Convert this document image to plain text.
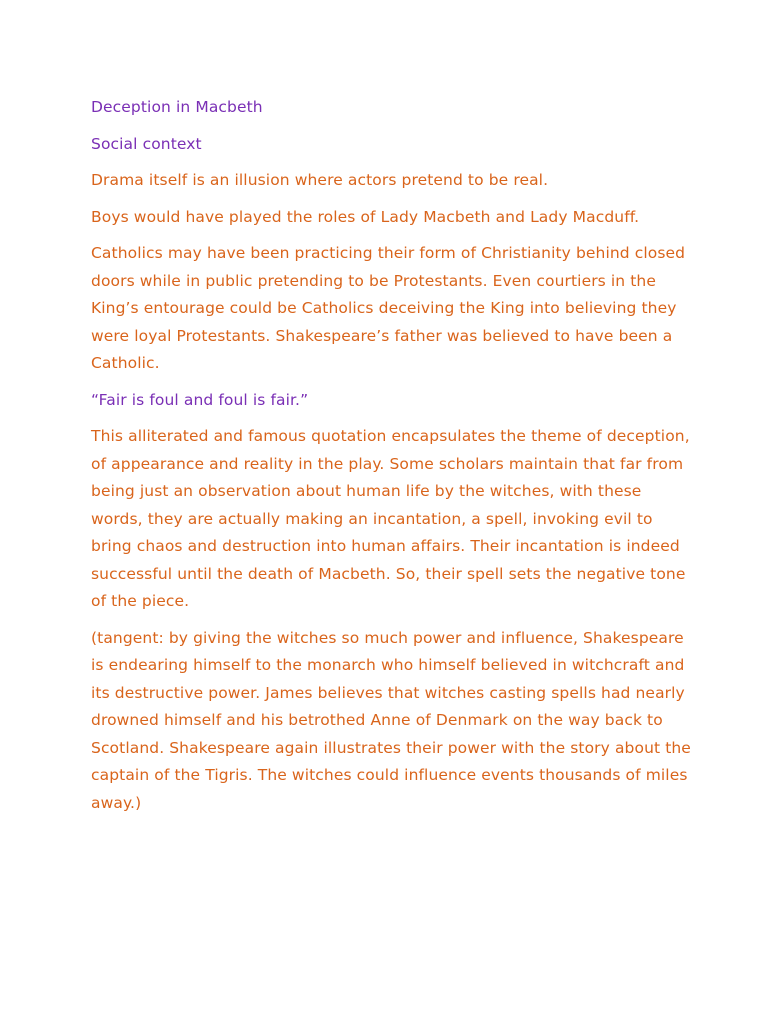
Deception in Macbeth

Social context

Drama itself is an illusion where actors pretend to be real.

Boys would have played the roles of Lady Macbeth and Lady Macduff.

Catholics may have been practicing their form of Christianity behind closed doors while in public pretending to be Protestants. Even courtiers in the King’s entourage could be Catholics deceiving the King into believing they were loyal Protestants. Shakespeare’s father was believed to have been a Catholic.

“Fair is foul and foul is fair.”

This alliterated and famous quotation encapsulates the theme of deception, of appearance and reality in the play. Some scholars maintain that far from being just an observation about human life by the witches, with these words, they are actually making an incantation, a spell, invoking evil to bring chaos and destruction into human affairs. Their incantation is indeed successful until the death of Macbeth. So, their spell sets the negative tone of the piece.

(tangent: by giving the witches so much power and influence, Shakespeare is endearing himself to the monarch who himself believed in witchcraft and its destructive power. James believes that witches casting spells had nearly drowned himself and his betrothed Anne of Denmark on the way back to Scotland. Shakespeare again illustrates their power with the story about the captain of the Tigris. The witches could influence events thousands of miles away.)
